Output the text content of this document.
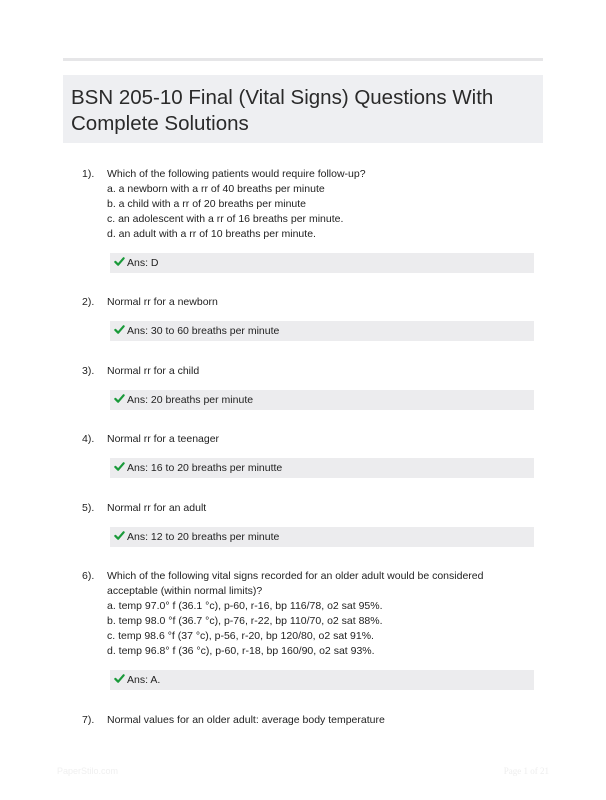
BSN 205-10 Final (Vital Signs) Questions With Complete Solutions
1). Which of the following patients would require follow-up?
a. a newborn with a rr of 40 breaths per minute
b. a child with a rr of 20 breaths per minute
c. an adolescent with a rr of 16 breaths per minute.
d. an adult with a rr of 10 breaths per minute.
Ans: D
2). Normal rr for a newborn
Ans: 30 to 60 breaths per minute
3). Normal rr for a child
Ans: 20 breaths per minute
4). Normal rr for a teenager
Ans: 16 to 20 breaths per minutte
5). Normal rr for an adult
Ans: 12 to 20 breaths per minute
6). Which of the following vital signs recorded for an older adult would be considered
acceptable (within normal limits)?
a. temp 97.0° f (36.1 °c), p-60, r-16, bp 116/78, o2 sat 95%.
b. temp 98.0 °f (36.7 °c), p-76, r-22, bp 110/70, o2 sat 88%.
c. temp 98.6 °f (37 °c), p-56, r-20, bp 120/80, o2 sat 91%.
d. temp 96.8° f (36 °c), p-60, r-18, bp 160/90, o2 sat 93%.
Ans: A.
7). Normal values for an older adult: average body temperature
PaperStilo.com	Page 1 of 21
